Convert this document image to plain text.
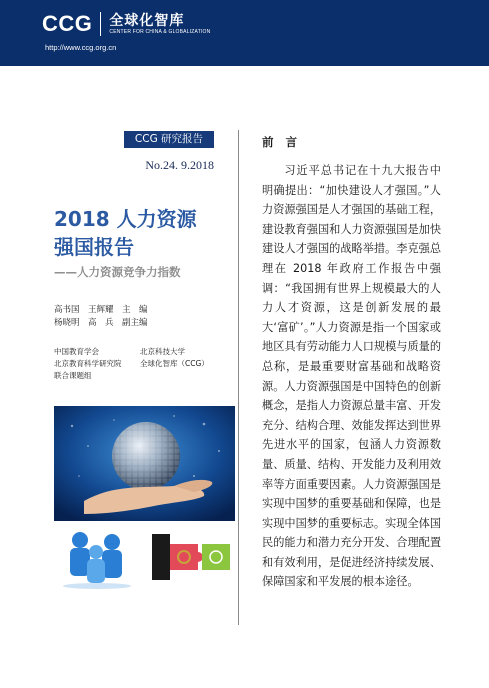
CCG 全球化智库
CENTER FOR CHINA & GLOBALIZATION
http://www.ccg.org.cn
CCG 研究报告
No.24. 9.2018
2018 人力资源
强国报告
——人力资源竞争力指数
高书国　王辉耀　主　编
杨晓明　高　兵　副主编
中国教育学会	北京科技大学
北京教育科学研究院	全球化智库（CCG）
联合课题组
前 言
习近平总书记在十九大报告中明确提出：“加快建设人才强国。”人力资源强国是人才强国的基础工程，建设教育强国和人力资源强国是加快建设人才强国的战略举措。李克强总理在 2018 年政府工作报告中强调：“我国拥有世界上规模最大的人力人才资源，这是创新发展的最大‘富矿’。”人力资源是指一个国家或地区具有劳动能力人口规模与质量的总称，是最重要财富基础和战略资源。人力资源强国是中国特色的创新概念，是指人力资源总量丰富、开发充分、结构合理、效能发挥达到世界先进水平的国家，包涵人力资源数量、质量、结构、开发能力及利用效率等方面重要因素。人力资源强国是实现中国梦的重要基础和保障，也是实现中国梦的重要标志。实现全体国民的能力和潜力充分开发、合理配置和有效利用，是促进经济持续发展、保障国家和平发展的根本途径。
